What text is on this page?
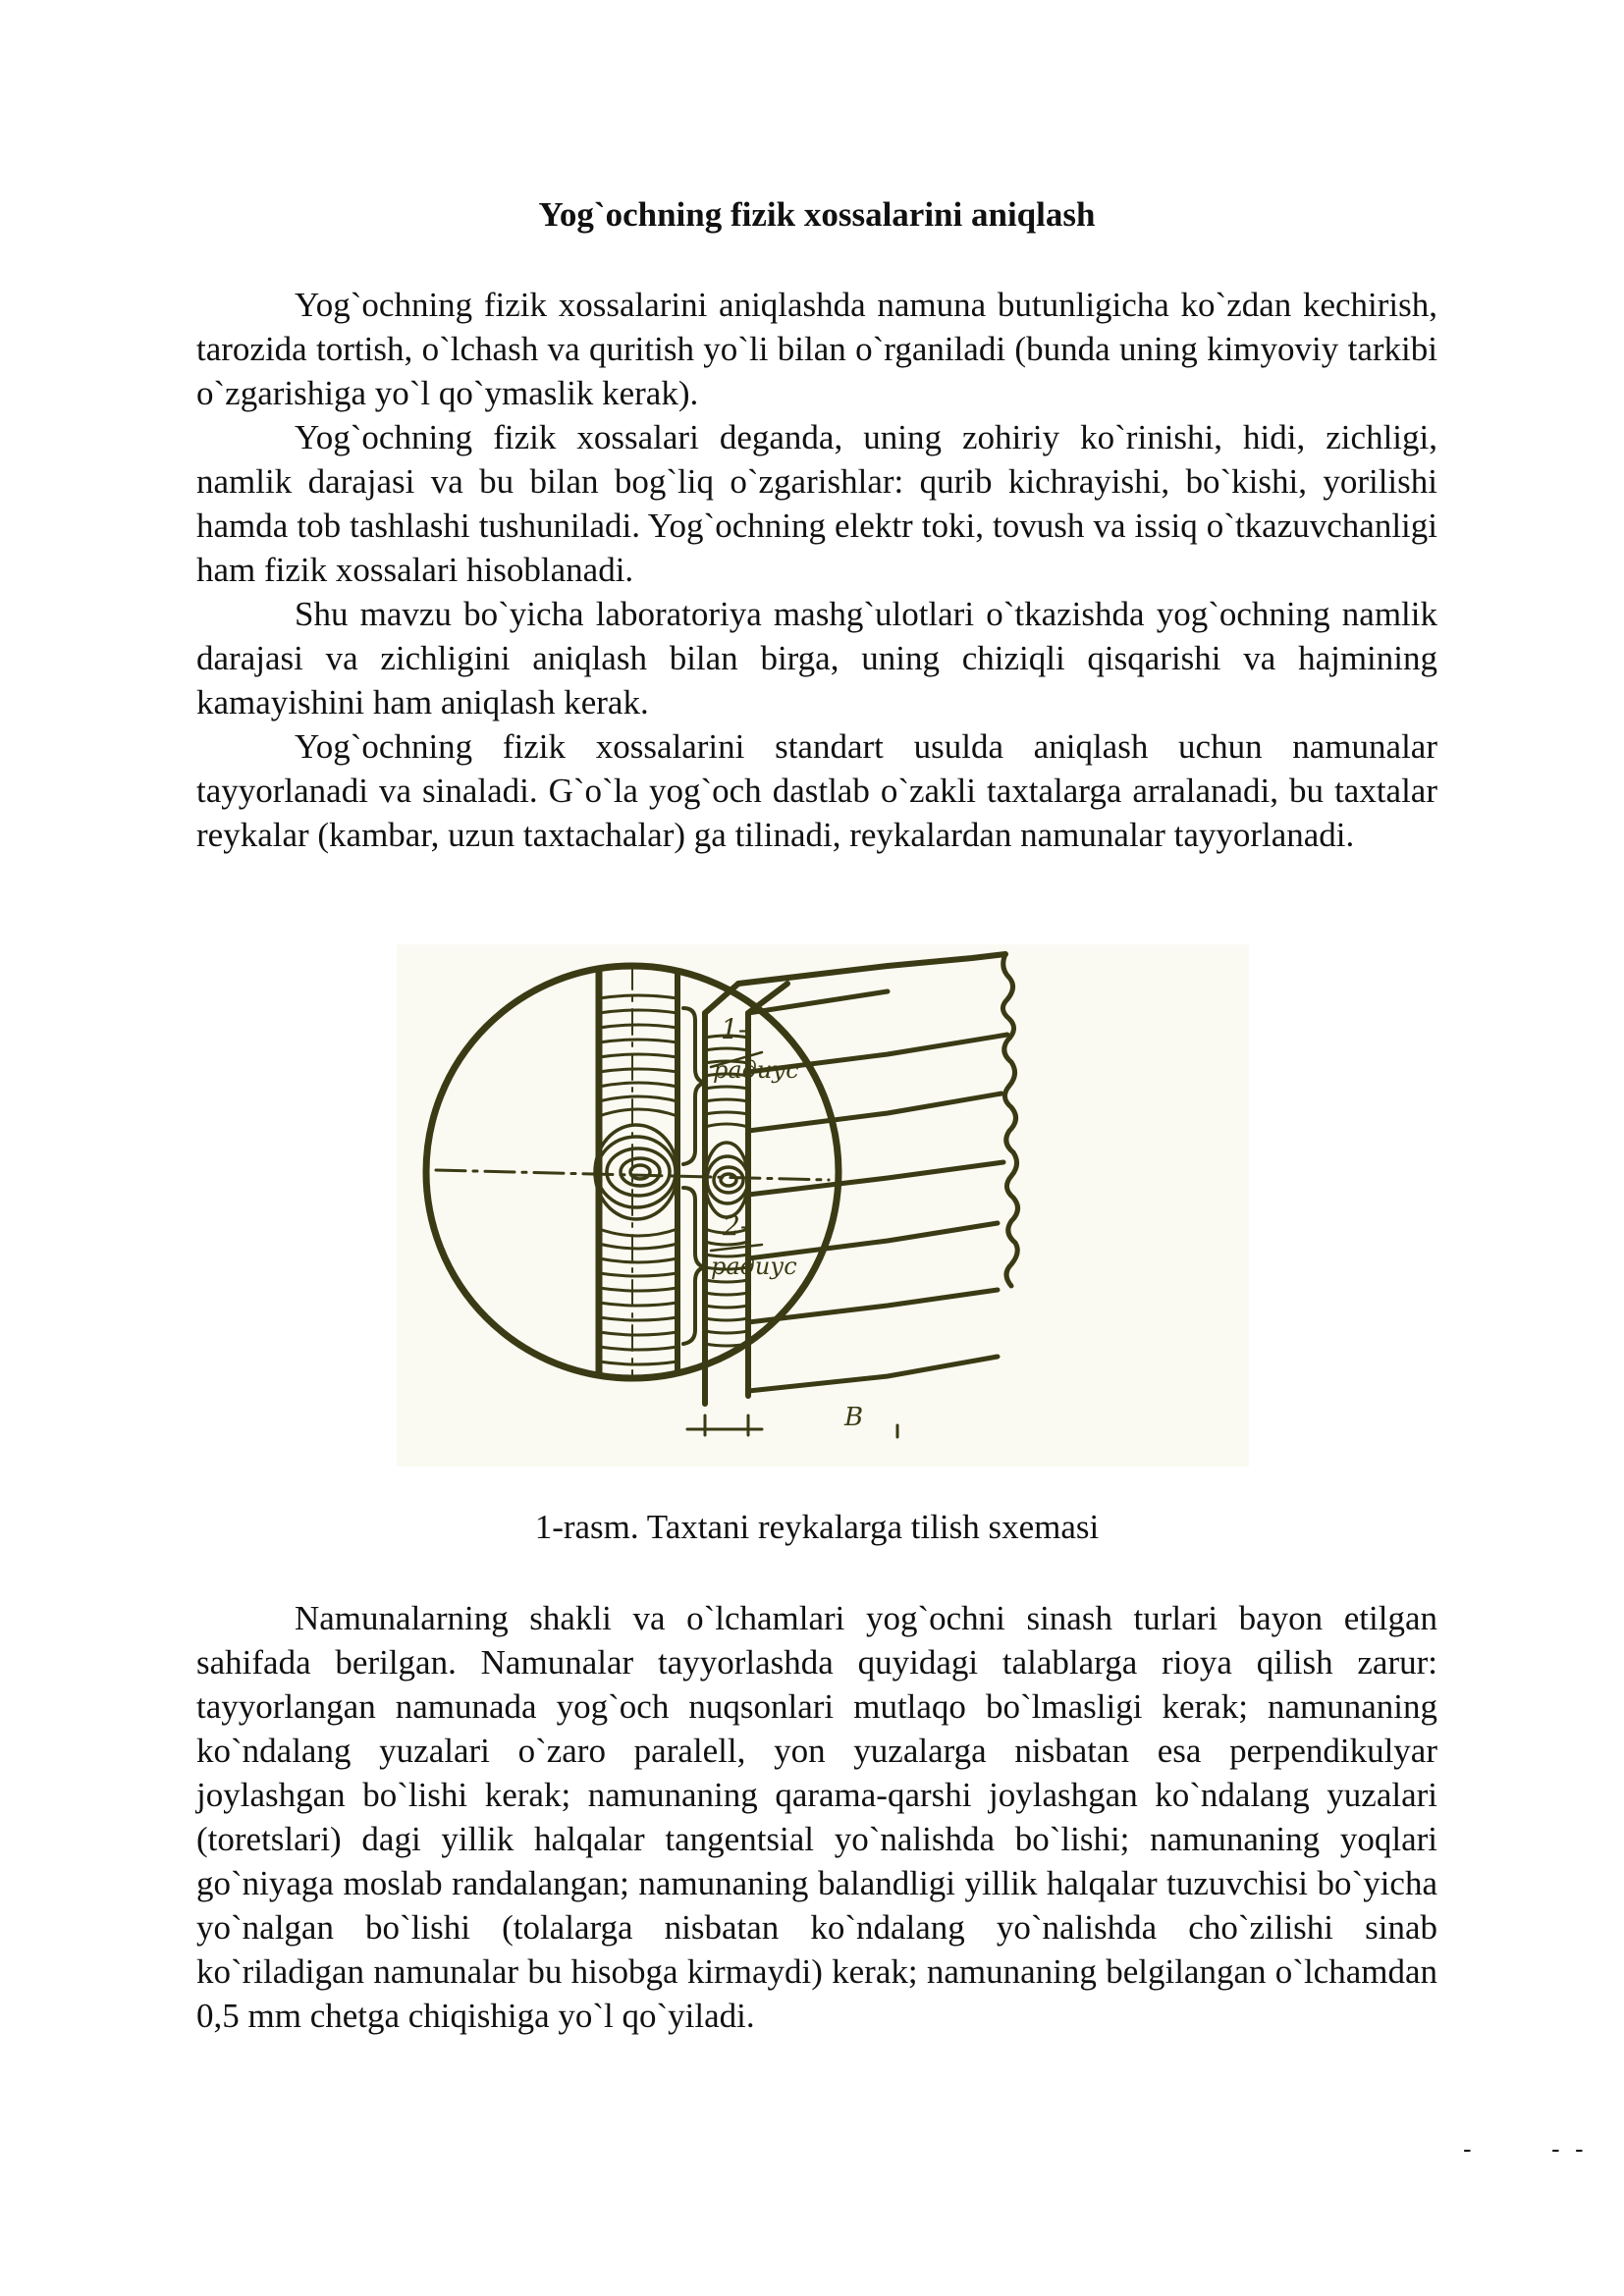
Yog`ochning fizik xossalarini aniqlash

Yog`ochning fizik xossalarini aniqlashda namuna butunligicha ko`zdan kechirish, tarozida tortish, o`lchash va quritish yo`li bilan o`rganiladi (bunda uning kimyoviy tarkibi o`zgarishiga yo`l qo`ymaslik kerak).

Yog`ochning fizik xossalari deganda, uning zohiriy ko`rinishi, hidi, zichligi, namlik darajasi va bu bilan bog`liq o`zgarishlar: qurib kichrayishi, bo`kishi, yorilishi hamda tob tashlashi tushuniladi. Yog`ochning elektr toki, tovush va issiq o`tkazuvchanligi ham fizik xossalari hisoblanadi.

Shu mavzu bo`yicha laboratoriya mashg`ulotlari o`tkazishda yog`ochning namlik darajasi va zichligini aniqlash bilan birga, uning chiziqli qisqarishi va hajmining kamayishini ham aniqlash kerak.

Yog`ochning fizik xossalarini standart usulda aniqlash uchun namunalar tayyorlanadi va sinaladi. G`o`la yog`och dastlab o`zakli taxtalarga arralanadi, bu taxtalar reykalar (kambar, uzun taxtachalar) ga tilinadi, reykalardan namunalar tayyorlanadi.

1-
радиус
2-
радиус
B

1-rasm. Taxtani reykalarga tilish sxemasi

Namunalarning shakli va o`lchamlari yog`ochni sinash turlari bayon etilgan sahifada berilgan. Namunalar tayyorlashda quyidagi talablarga rioya qilish zarur: tayyorlangan namunada yog`och nuqsonlari mutlaqo bo`lmasligi kerak; namunaning ko`ndalang yuzalari o`zaro paralell, yon yuzalarga nisbatan esa perpendikulyar joylashgan bo`lishi kerak; namunaning qarama-qarshi joylashgan ko`ndalang yuzalari (toretslari) dagi yillik halqalar tangentsial yo`nalishda bo`lishi; namunaning yoqlari go`niyaga moslab randalangan; namunaning balandligi yillik halqalar tuzuvchisi bo`yicha yo`nalgan bo`lishi (tolalarga nisbatan ko`ndalang yo`nalishda cho`zilishi sinab ko`riladigan namunalar bu hisobga kirmaydi) kerak; namunaning belgilangan o`lchamdan 0,5 mm chetga chiqishiga yo`l qo`yiladi.

-	- -
